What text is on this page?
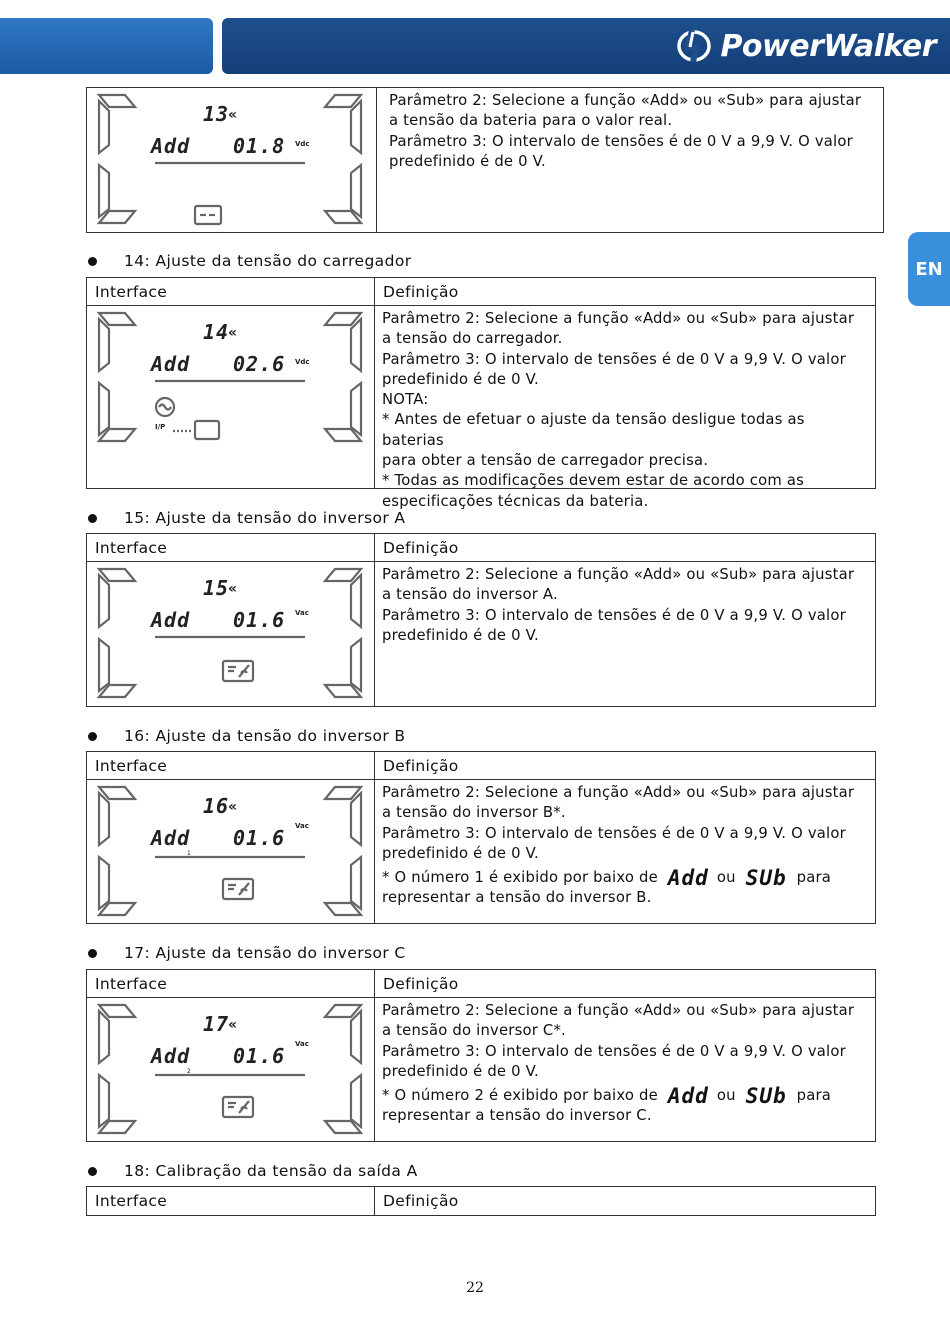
PowerWalker
EN
13
«
Add 01.8 Vdc
Parâmetro 2: Selecione a função «Add» ou «Sub» para ajustar
a tensão da bateria para o valor real.
Parâmetro 3: O intervalo de tensões é de 0 V a 9,9 V. O valor
predefinido é de 0 V.
14: Ajuste da tensão do carregador
Interface	Definição
14
«
Add 02.6 Vdc
I/P
Parâmetro 2: Selecione a função «Add» ou «Sub» para ajustar
a tensão do carregador.
Parâmetro 3: O intervalo de tensões é de 0 V a 9,9 V. O valor
predefinido é de 0 V.
NOTA:
* Antes de efetuar o ajuste da tensão desligue todas as baterias
para obter a tensão de carregador precisa.
* Todas as modificações devem estar de acordo com as
especificações técnicas da bateria.
15: Ajuste da tensão do inversor A
Interface	Definição
15
«
Add 01.6 Vac
Parâmetro 2: Selecione a função «Add» ou «Sub» para ajustar
a tensão do inversor A.
Parâmetro 3: O intervalo de tensões é de 0 V a 9,9 V. O valor
predefinido é de 0 V.
16: Ajuste da tensão do inversor B
Interface	Definição
16
«
Add 01.6 Vac
1
Parâmetro 2: Selecione a função «Add» ou «Sub» para ajustar
a tensão do inversor B*.
Parâmetro 3: O intervalo de tensões é de 0 V a 9,9 V. O valor
predefinido é de 0 V.
* O número 1 é exibido por baixo de Add ou SUb para
representar a tensão do inversor B.
17: Ajuste da tensão do inversor C
Interface	Definição
17
«
Add 01.6 Vac
2
Parâmetro 2: Selecione a função «Add» ou «Sub» para ajustar
a tensão do inversor C*.
Parâmetro 3: O intervalo de tensões é de 0 V a 9,9 V. O valor
predefinido é de 0 V.
* O número 2 é exibido por baixo de Add ou SUb para
representar a tensão do inversor C.
18: Calibração da tensão da saída A
Interface	Definição
22
